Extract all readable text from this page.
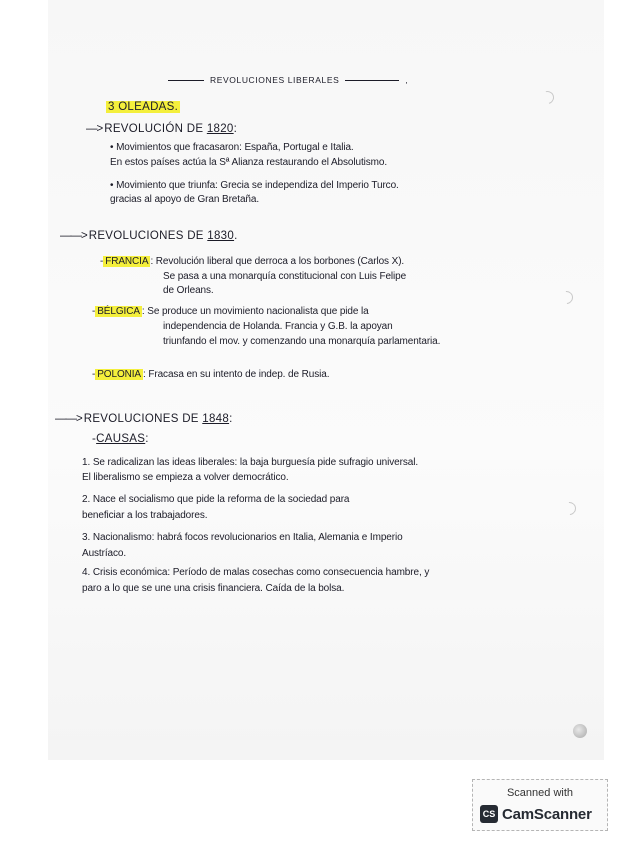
REVOLUCIONES LIBERALES	,
3 OLEADAS.
—> REVOLUCIÓN DE 1820:
• Movimientos que fracasaron: España, Portugal e Italia.
En estos países actúa la Sª Alianza restaurando el Absolutismo.
• Movimiento que triunfa: Grecia se independiza del Imperio Turco.
gracias al apoyo de Gran Bretaña.
——> REVOLUCIONES DE 1830.
- FRANCIA : Revolución liberal que derroca a los borbones (Carlos X).
Se pasa a una monarquía constitucional con Luis Felipe
de Orleans.
- BÉLGICA : Se produce un movimiento nacionalista que pide la
independencia de Holanda. Francia y G.B. la apoyan
triunfando el mov. y comenzando una monarquía parlamentaria.
- POLONIA : Fracasa en su intento de indep. de Rusia.
——> REVOLUCIONES DE 1848:
-CAUSAS:
1. Se radicalizan las ideas liberales: la baja burguesía pide sufragio universal.
El liberalismo se empieza a volver democrático.
2. Nace el socialismo que pide la reforma de la sociedad para
beneficiar a los trabajadores.
3. Nacionalismo: habrá focos revolucionarios en Italia, Alemania e Imperio
Austríaco.
4. Crisis económica: Período de malas cosechas como consecuencia hambre, y
paro a lo que se une una crisis financiera. Caída de la bolsa.
Scanned with
CS CamScanner
